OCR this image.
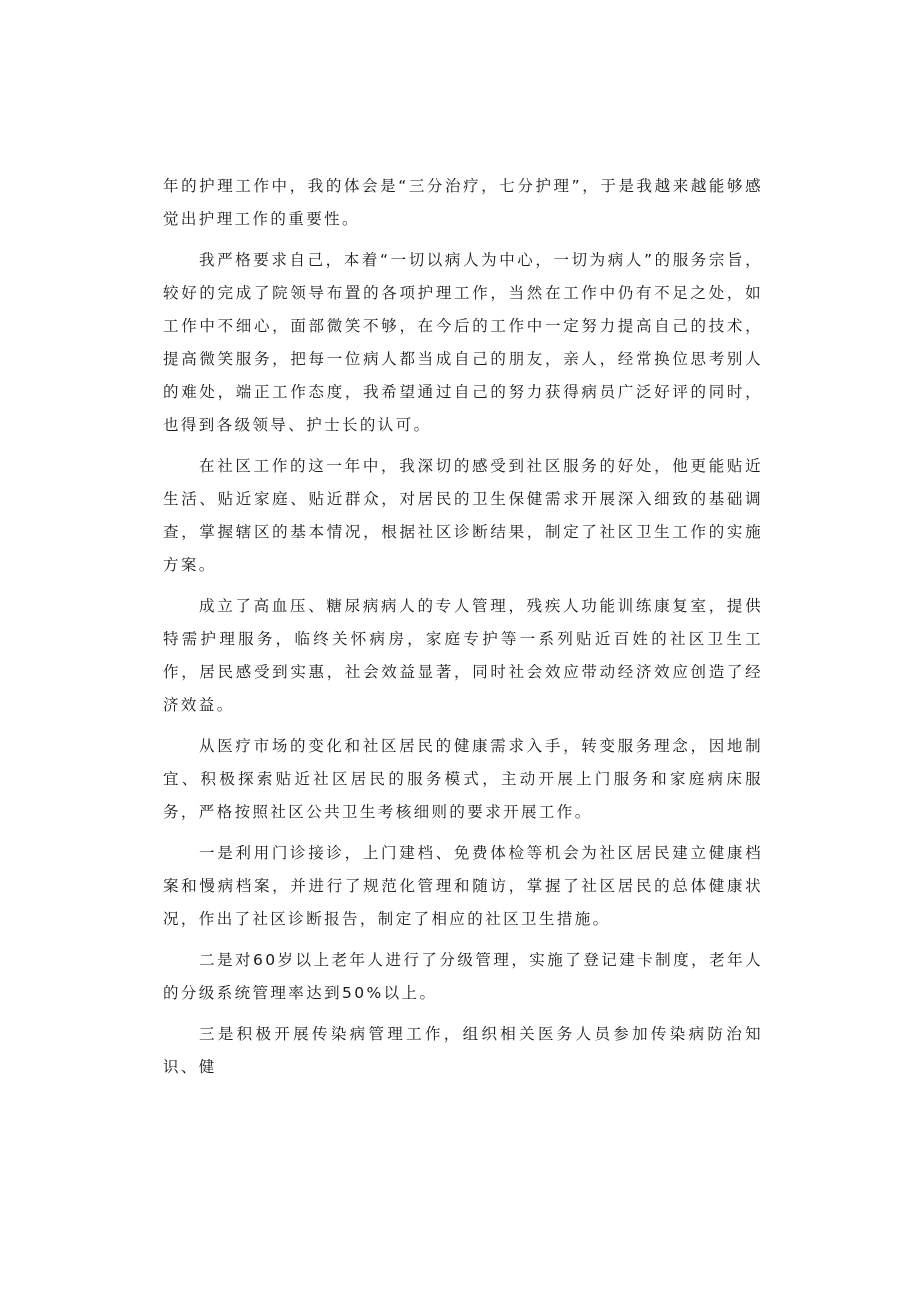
年的护理工作中，我的体会是“三分治疗，七分护理”，于是我越来越能够感觉出护理工作的重要性。

我严格要求自己，本着“一切以病人为中心，一切为病人”的服务宗旨，较好的完成了院领导布置的各项护理工作，当然在工作中仍有不足之处，如工作中不细心，面部微笑不够，在今后的工作中一定努力提高自己的技术，提高微笑服务，把每一位病人都当成自己的朋友，亲人，经常换位思考别人的难处，端正工作态度，我希望通过自己的努力获得病员广泛好评的同时，也得到各级领导、护士长的认可。

在社区工作的这一年中，我深切的感受到社区服务的好处，他更能贴近生活、贴近家庭、贴近群众，对居民的卫生保健需求开展深入细致的基础调查，掌握辖区的基本情况，根据社区诊断结果，制定了社区卫生工作的实施方案。

成立了高血压、糖尿病病人的专人管理，残疾人功能训练康复室，提供特需护理服务，临终关怀病房，家庭专护等一系列贴近百姓的社区卫生工作，居民感受到实惠，社会效益显著，同时社会效应带动经济效应创造了经济效益。

从医疗市场的变化和社区居民的健康需求入手，转变服务理念，因地制宜、积极探索贴近社区居民的服务模式，主动开展上门服务和家庭病床服务，严格按照社区公共卫生考核细则的要求开展工作。

一是利用门诊接诊，上门建档、免费体检等机会为社区居民建立健康档案和慢病档案，并进行了规范化管理和随访，掌握了社区居民的总体健康状况，作出了社区诊断报告，制定了相应的社区卫生措施。

二是对60岁以上老年人进行了分级管理，实施了登记建卡制度，老年人的分级系统管理率达到50%以上。

三是积极开展传染病管理工作，组织相关医务人员参加传染病防治知识、健
